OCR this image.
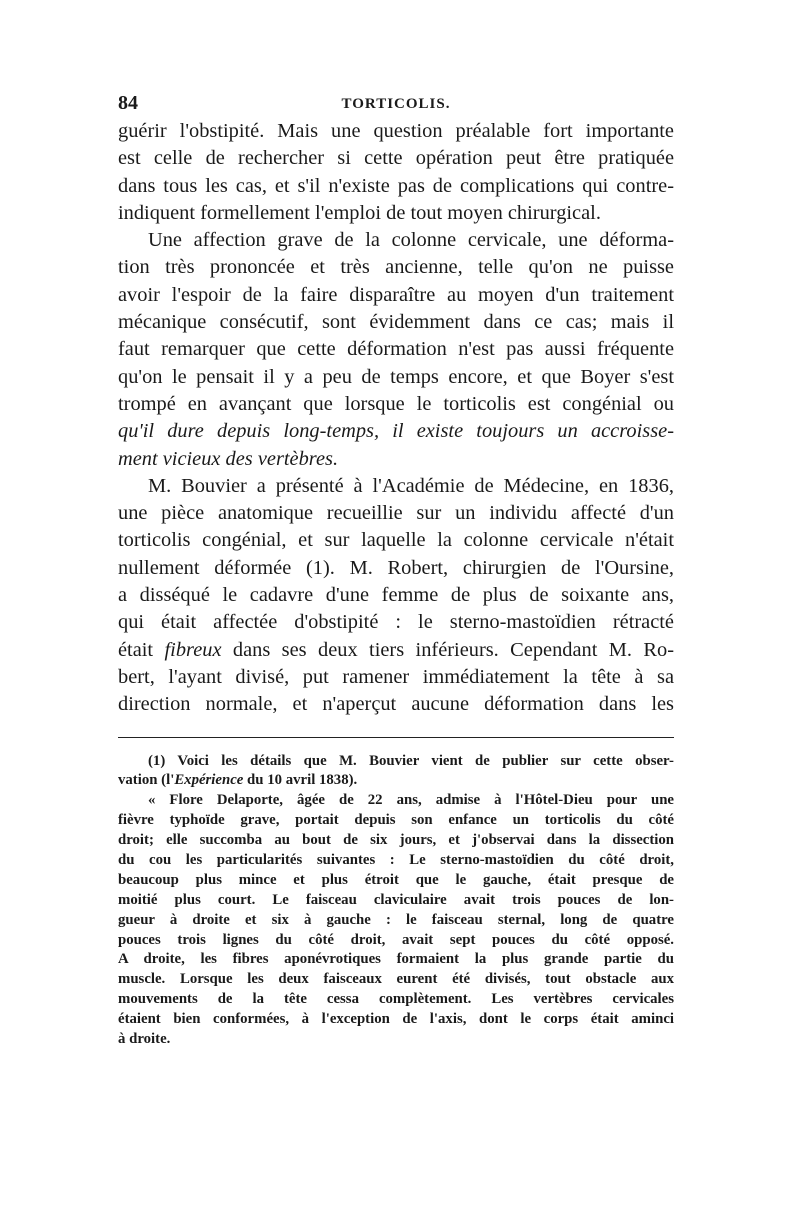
84	TORTICOLIS.
guérir l'obstipité. Mais une question préalable fort importante
est celle de rechercher si cette opération peut être pratiquée
dans tous les cas, et s'il n'existe pas de complications qui contre-
indiquent formellement l'emploi de tout moyen chirurgical.
Une affection grave de la colonne cervicale, une déforma-
tion très prononcée et très ancienne, telle qu'on ne puisse
avoir l'espoir de la faire disparaître au moyen d'un traitement
mécanique consécutif, sont évidemment dans ce cas; mais il
faut remarquer que cette déformation n'est pas aussi fréquente
qu'on le pensait il y a peu de temps encore, et que Boyer s'est
trompé en avançant que lorsque le torticolis est congénial ou
qu'il dure depuis long-temps, il existe toujours un accroisse-
ment vicieux des vertèbres.
M. Bouvier a présenté à l'Académie de Médecine, en 1836,
une pièce anatomique recueillie sur un individu affecté d'un
torticolis congénial, et sur laquelle la colonne cervicale n'était
nullement déformée (1). M. Robert, chirurgien de l'Oursine,
a disséqué le cadavre d'une femme de plus de soixante ans,
qui était affectée d'obstipité : le sterno-mastoïdien rétracté
était fibreux dans ses deux tiers inférieurs. Cependant M. Ro-
bert, l'ayant divisé, put ramener immédiatement la tête à sa
direction normale, et n'aperçut aucune déformation dans les
(1) Voici les détails que M. Bouvier vient de publier sur cette obser-
vation (l'Expérience du 10 avril 1838).
« Flore Delaporte, âgée de 22 ans, admise à l'Hôtel-Dieu pour une
fièvre typhoïde grave, portait depuis son enfance un torticolis du côté
droit; elle succomba au bout de six jours, et j'observai dans la dissection
du cou les particularités suivantes : Le sterno-mastoïdien du côté droit,
beaucoup plus mince et plus étroit que le gauche, était presque de
moitié plus court. Le faisceau claviculaire avait trois pouces de lon-
gueur à droite et six à gauche : le faisceau sternal, long de quatre
pouces trois lignes du côté droit, avait sept pouces du côté opposé.
A droite, les fibres aponévrotiques formaient la plus grande partie du
muscle. Lorsque les deux faisceaux eurent été divisés, tout obstacle aux
mouvements de la tête cessa complètement. Les vertèbres cervicales
étaient bien conformées, à l'exception de l'axis, dont le corps était aminci
à droite.
